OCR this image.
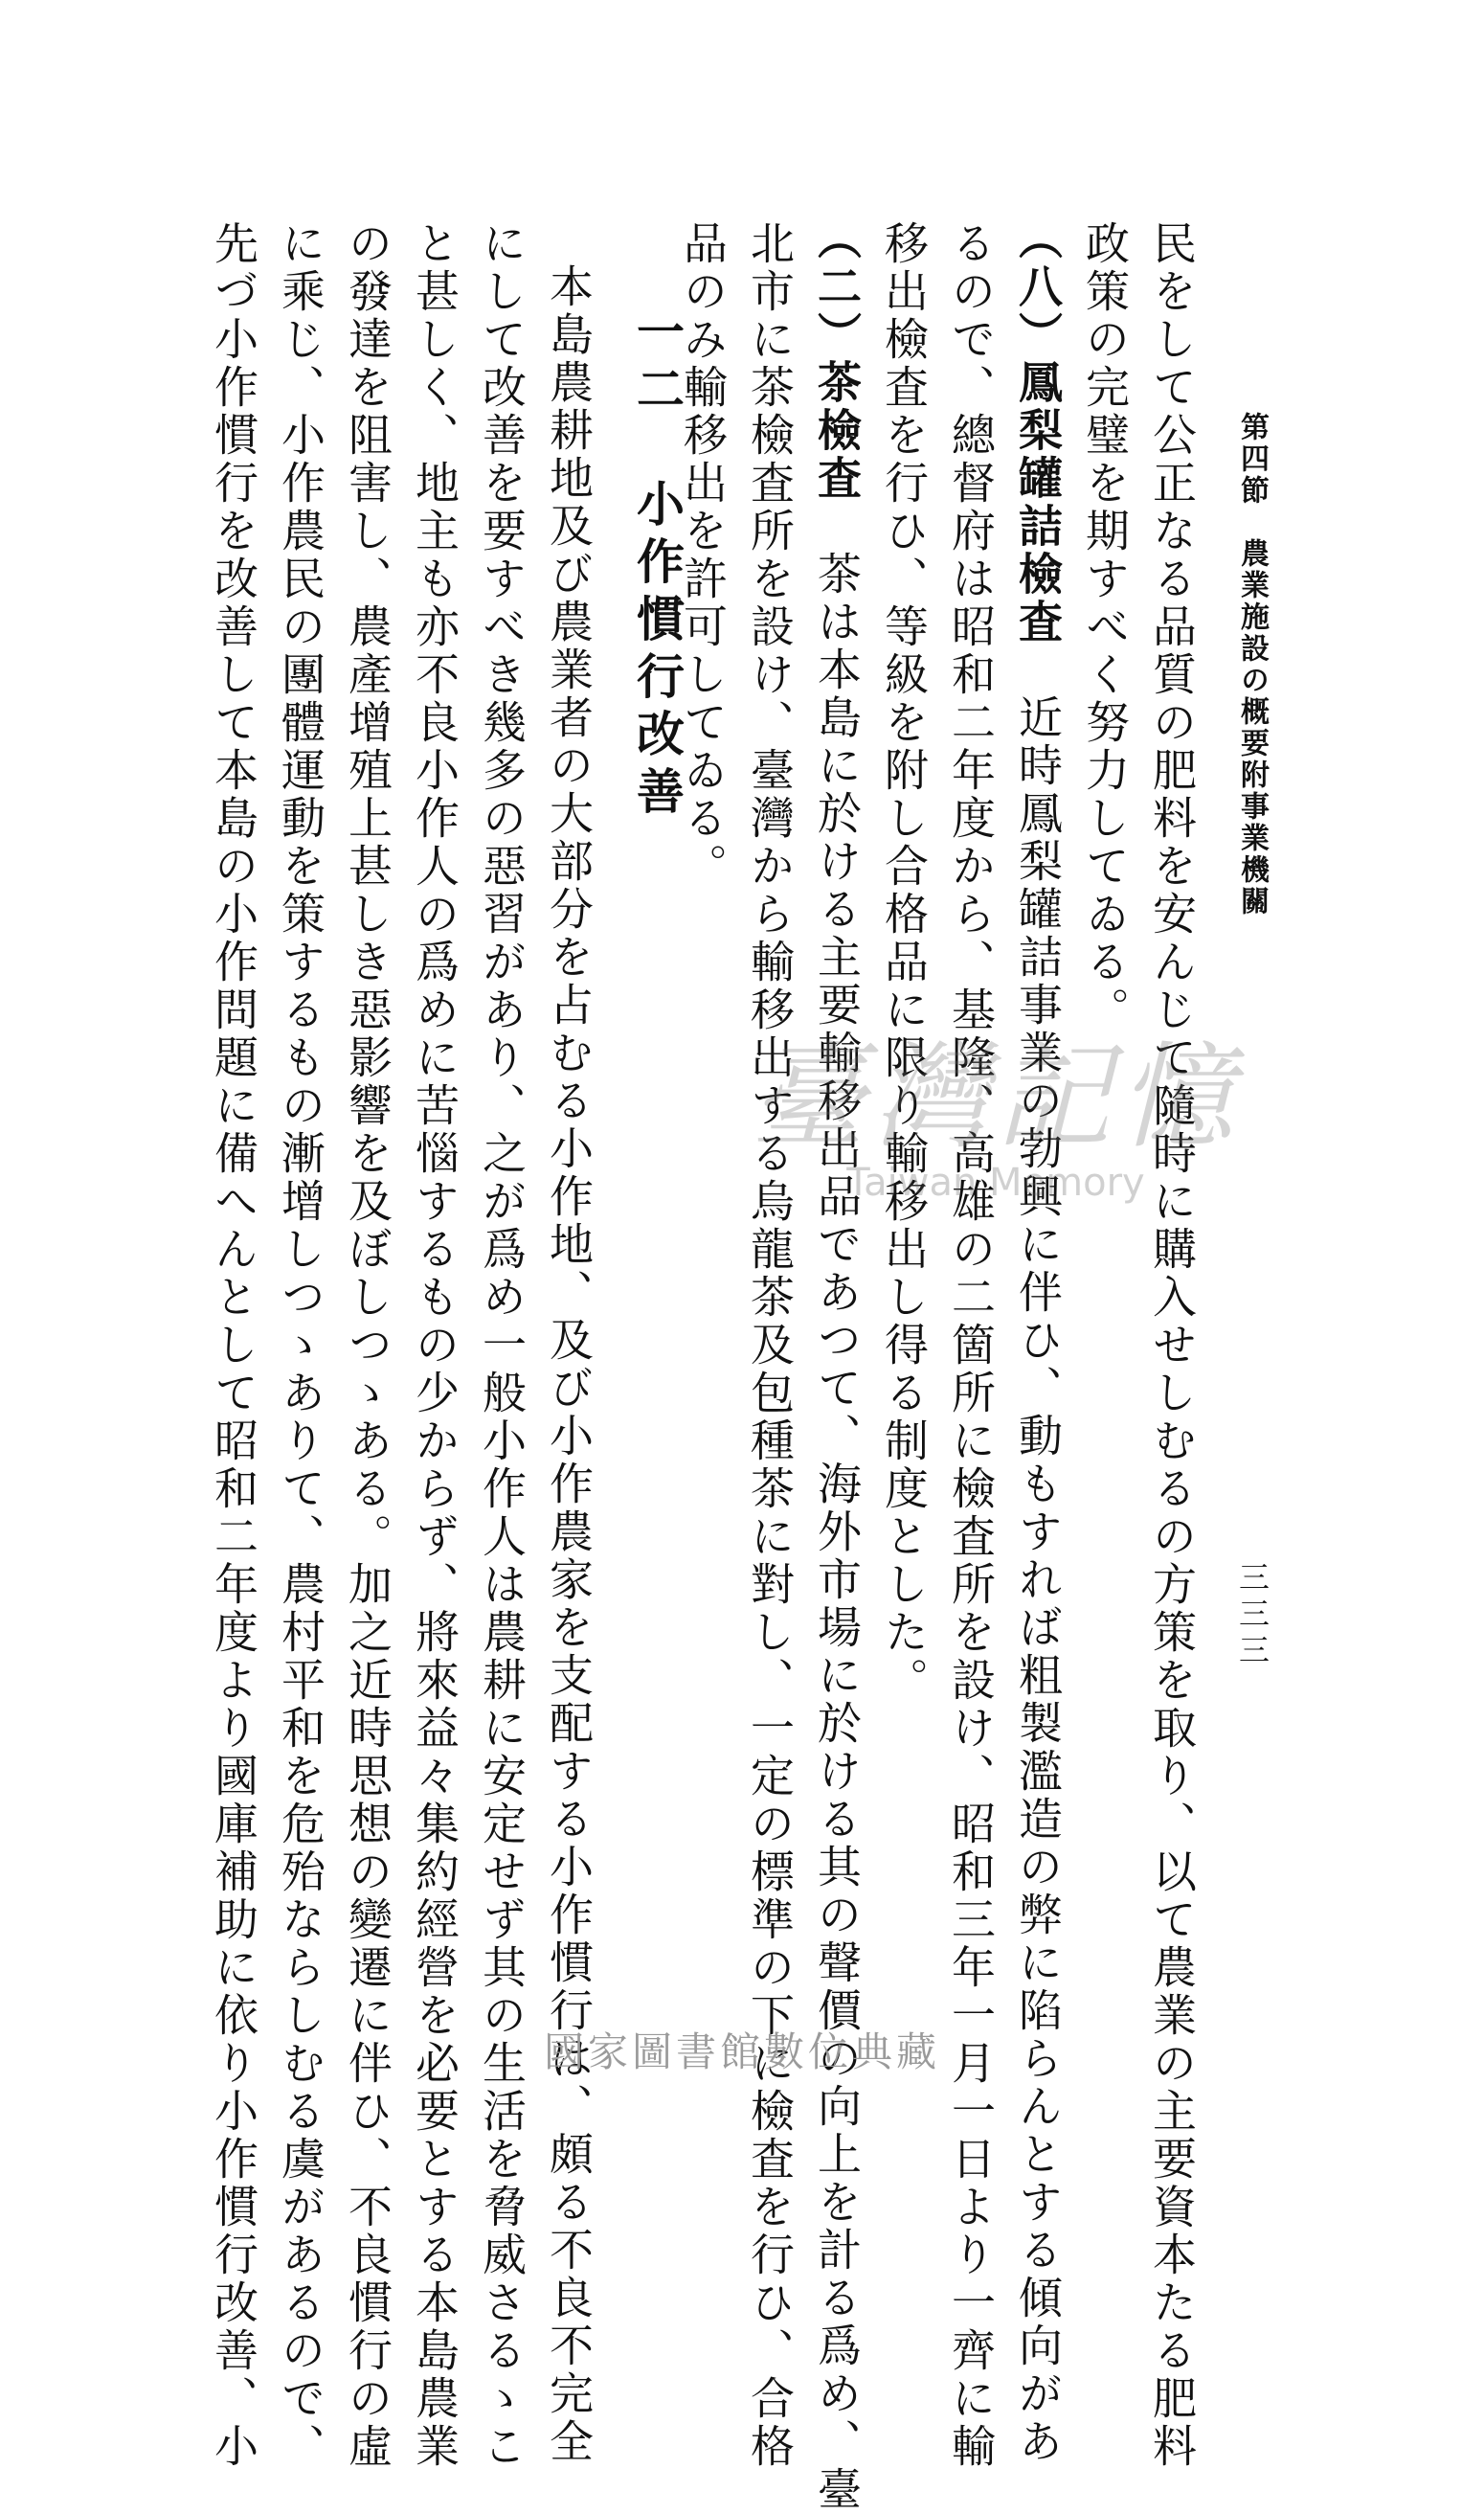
第四節　農業施設の概要附事業機關
三三三
民をして公正なる品質の肥料を安んじて隨時に購入せしむるの方策を取り、以て農業の主要資本たる肥料
政策の完璧を期すべく努力してゐる。
（八）鳳梨罐詰檢査　近時鳳梨罐詰事業の勃興に伴ひ、動もすれば粗製濫造の弊に陷らんとする傾向があ
るので、總督府は昭和二年度から、基隆、高雄の二箇所に檢査所を設け、昭和三年一月一日より一齊に輸
移出檢査を行ひ、等級を附し合格品に限り輸移出し得る制度とした。
（二）茶檢査　茶は本島に於ける主要輸移出品であつて、海外市場に於ける其の聲價の向上を計る爲め、臺
北市に茶檢査所を設け、臺灣から輸移出する烏龍茶及包種茶に對し、一定の標準の下に檢査を行ひ、合格
品のみ輸移出を許可してゐる。
一二　小作慣行改善
本島農耕地及び農業者の大部分を占むる小作地、及び小作農家を支配する小作慣行は、頗る不良不完全
にして改善を要すべき幾多の惡習があり、之が爲め一般小作人は農耕に安定せず其の生活を脅威さるゝこ
と甚しく、地主も亦不良小作人の爲めに苦惱するもの少からず、將來益々集約經營を必要とする本島農業
の發達を阻害し、農產增殖上甚しき惡影響を及ぼしつゝある。加之近時思想の變遷に伴ひ、不良慣行の虛
に乘じ、小作農民の團體運動を策するもの漸增しつゝありて、農村平和を危殆ならしむる虞があるので、
先づ小作慣行を改善して本島の小作問題に備へんとして昭和二年度より國庫補助に依り小作慣行改善、小	臺灣記憶
Taiwan Memory
國家圖書館數位典藏
